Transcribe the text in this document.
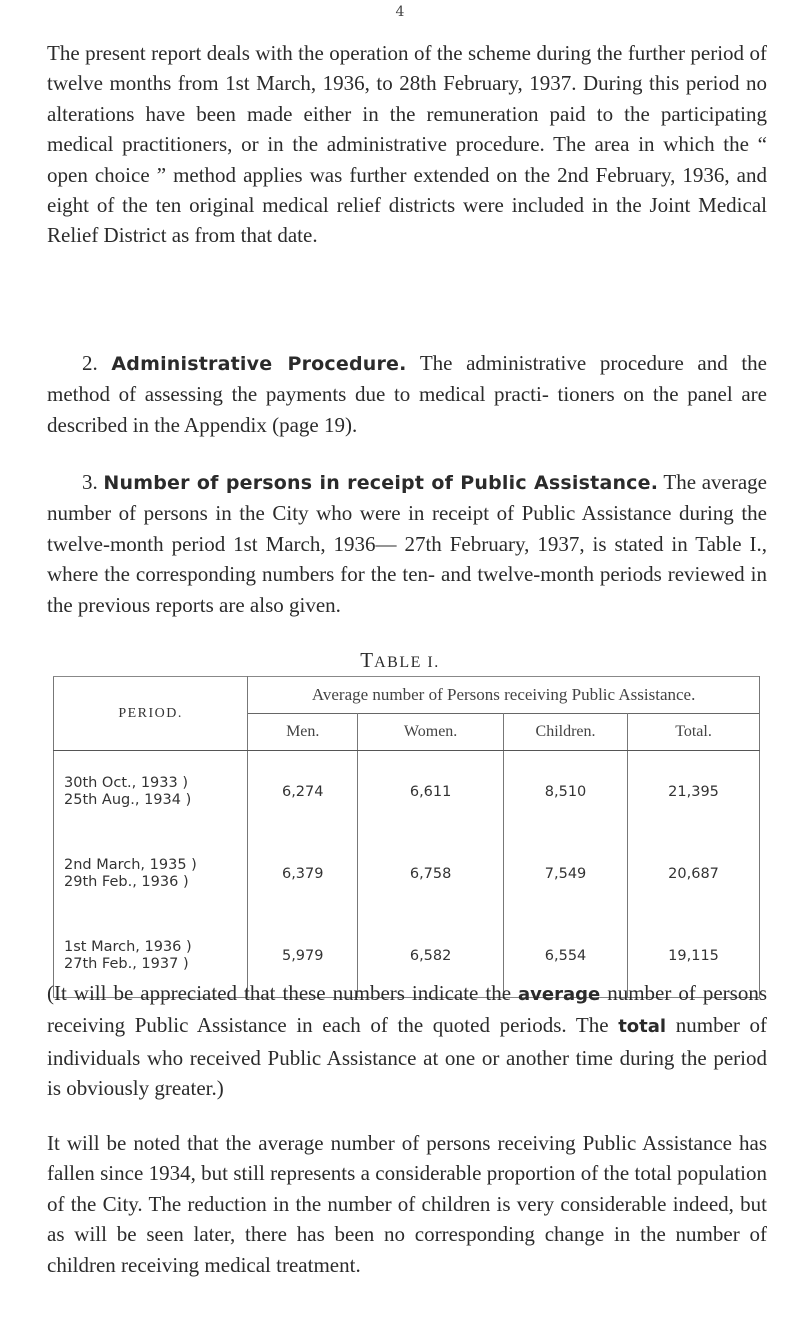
4

The present report deals with the operation of the scheme during the further period of twelve months from 1st March, 1936, to 28th February, 1937. During this period no alterations have been made either in the remuneration paid to the participating medical practitioners, or in the administrative procedure. The area in which the “ open choice ” method applies was further extended on the 2nd February, 1936, and eight of the ten original medical relief districts were included in the Joint Medical Relief District as from that date.

2. Administrative Procedure. The administrative procedure and the method of assessing the payments due to medical practi- tioners on the panel are described in the Appendix (page 19).

3. Number of persons in receipt of Public Assistance. The average number of persons in the City who were in receipt of Public Assistance during the twelve-month period 1st March, 1936— 27th February, 1937, is stated in Table I., where the corresponding numbers for the ten- and twelve-month periods reviewed in the previous reports are also given.

TABLE I.
PERIOD.	Average number of Persons receiving Public Assistance.			
	Men.	Women.	Children.	Total.

30th Oct., 1933 )
25th Aug., 1934 )	6,274	6,611	8,510	21,395

2nd March, 1935 )
29th Feb., 1936 )	6,379	6,758	7,549	20,687

1st March, 1936 )
27th Feb., 1937 )	5,979	6,582	6,554	19,115

(It will be appreciated that these numbers indicate the average number of persons receiving Public Assistance in each of the quoted periods. The total number of individuals who received Public Assistance at one or another time during the period is obviously greater.)

It will be noted that the average number of persons receiving Public Assistance has fallen since 1934, but still represents a considerable proportion of the total population of the City. The reduction in the number of children is very considerable indeed, but as will be seen later, there has been no corresponding change in the number of children receiving medical treatment.
